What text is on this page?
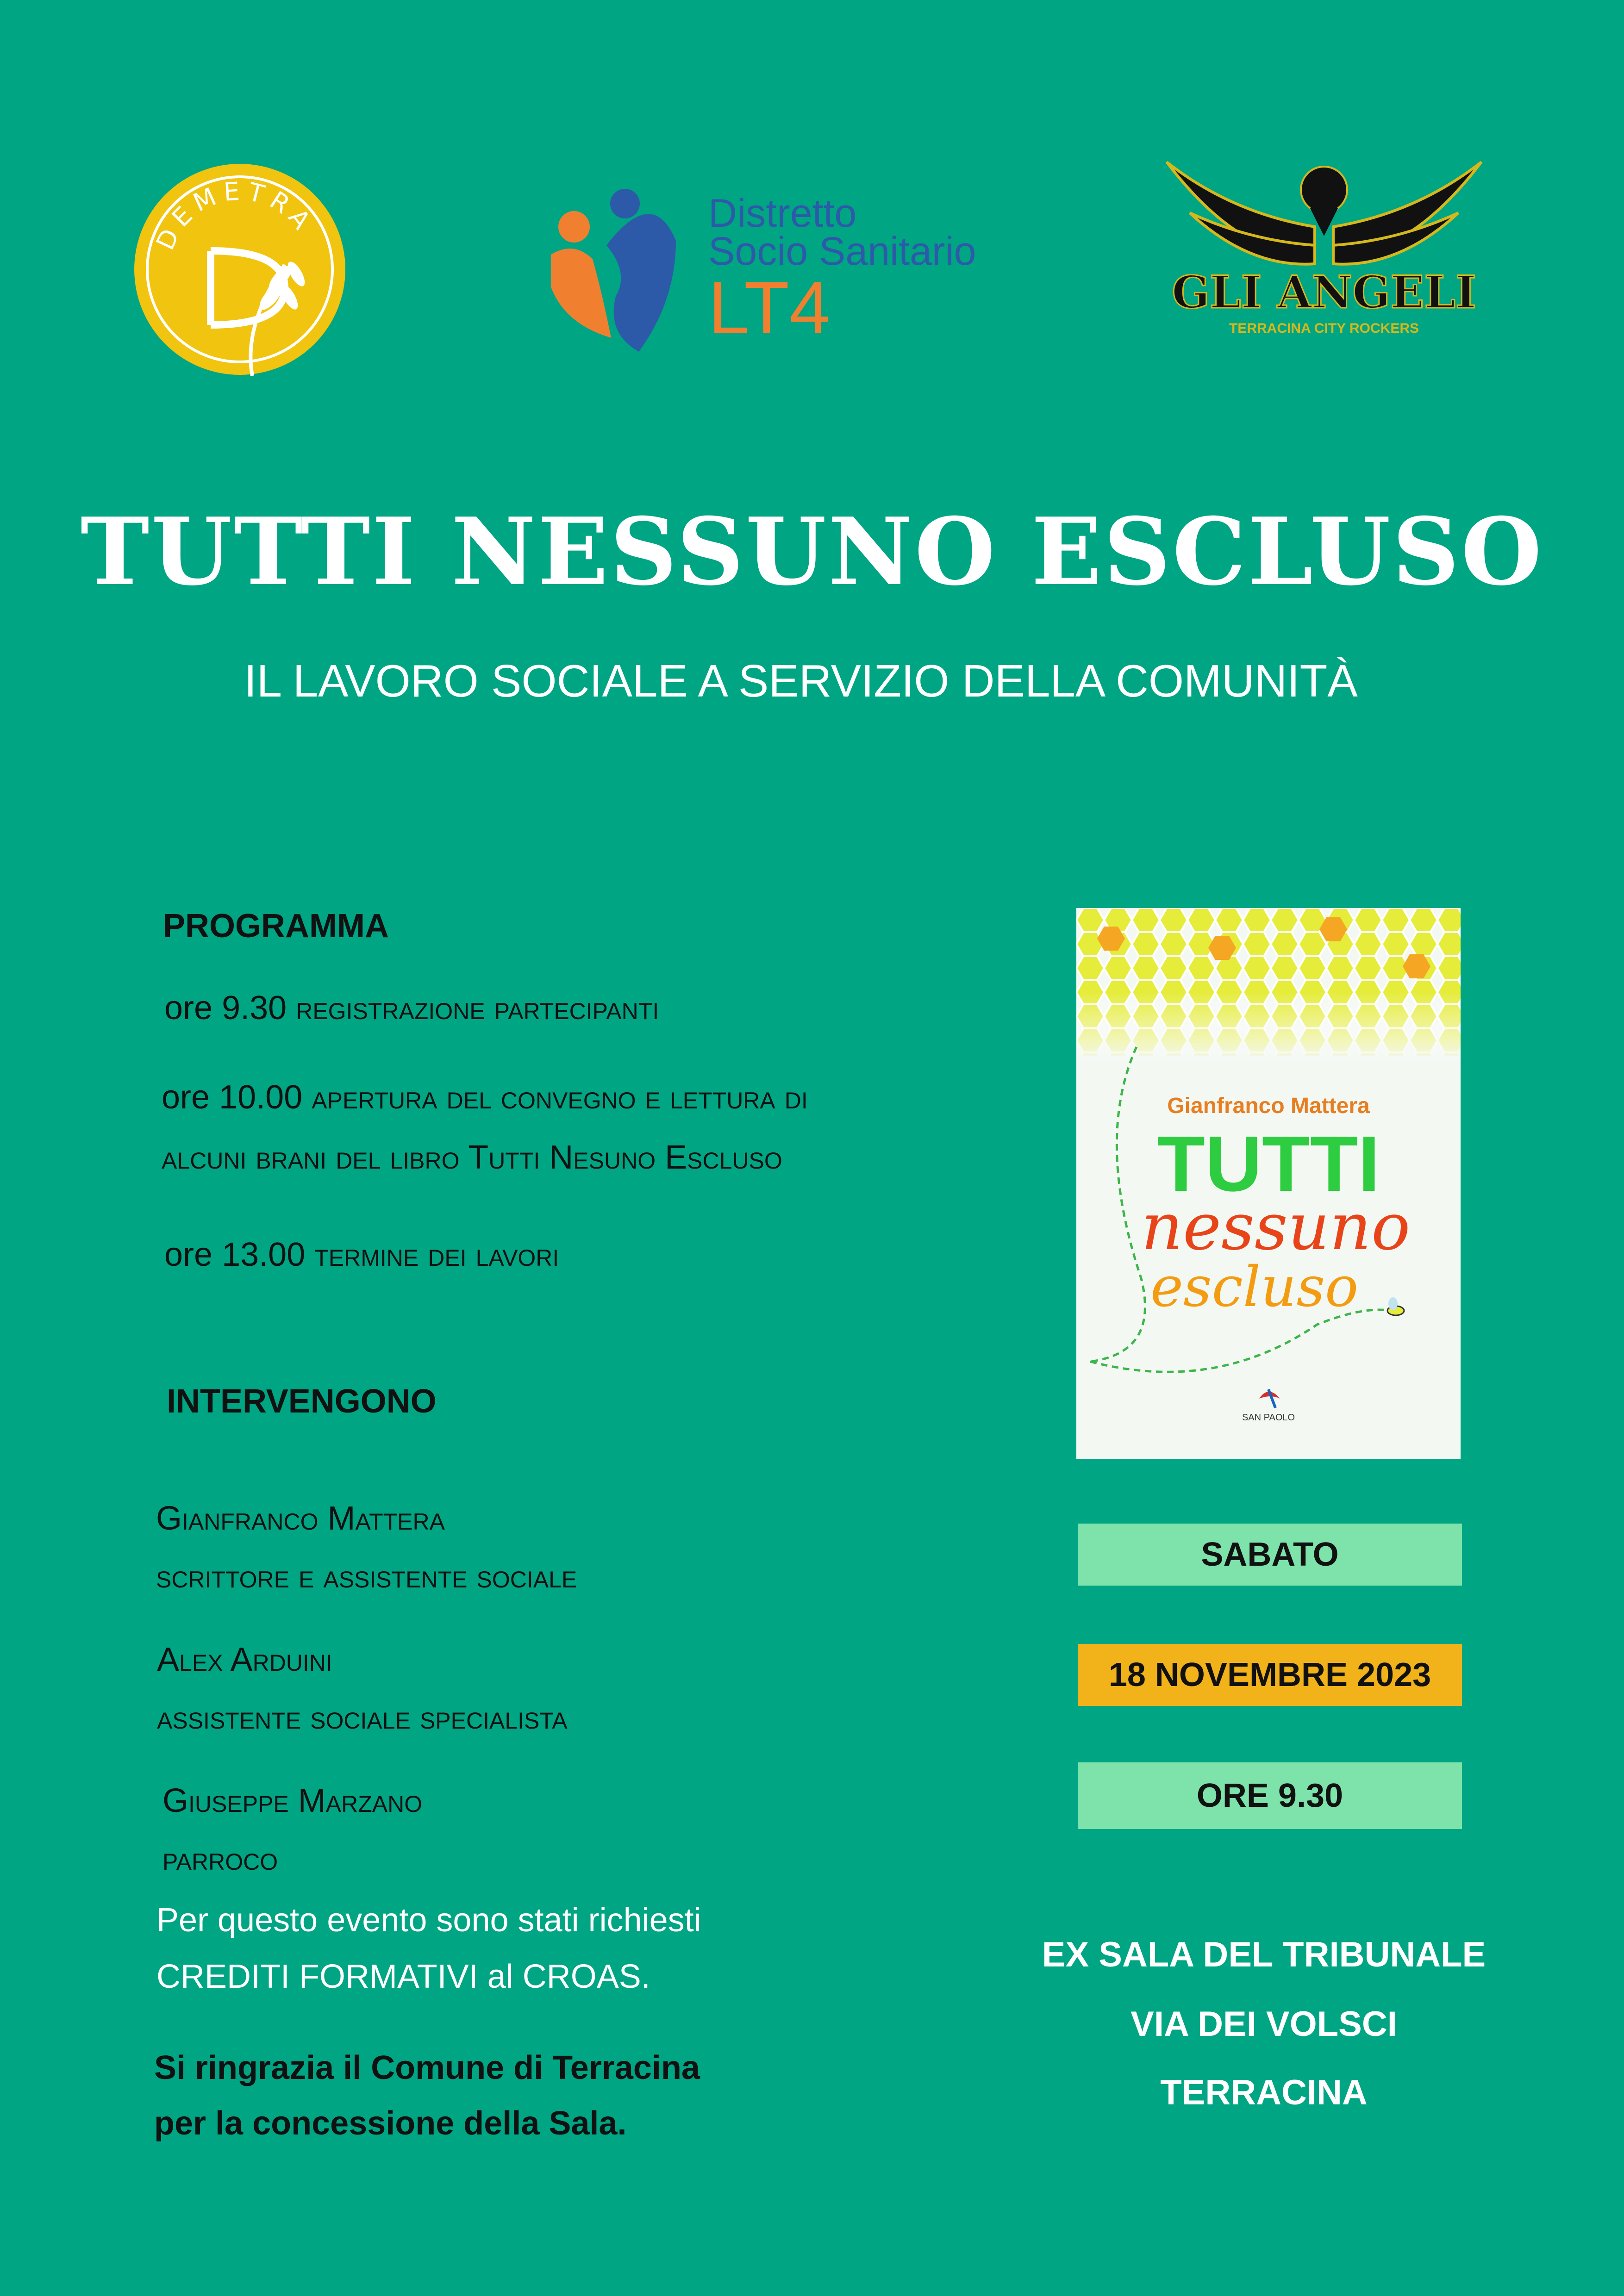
DEMETRA	Distretto
Socio Sanitario
LT4	GLI ANGELI
TERRACINA CITY ROCKERS
TUTTI NESSUNO ESCLUSO
IL LAVORO SOCIALE A SERVIZIO DELLA COMUNITÀ
PROGRAMMA
ore 9.30 registrazione partecipanti
ore 10.00 apertura del convegno e lettura di
alcuni brani del libro Tutti Nesuno Escluso
ore 13.00 termine dei lavori
INTERVENGONO
Gianfranco Mattera
scrittore e assistente sociale
Alex Arduini
assistente sociale specialista
Giuseppe Marzano
parroco
Per questo evento sono stati richiesti
CREDITI FORMATIVI al CROAS.
Si ringrazia il Comune di Terracina
per la concessione della Sala.
Gianfranco Mattera
TUTTI
nessuno
escluso
SAN PAOLO
SABATO
18 NOVEMBRE 2023
ORE 9.30
EX SALA DEL TRIBUNALE
VIA DEI VOLSCI
TERRACINA
